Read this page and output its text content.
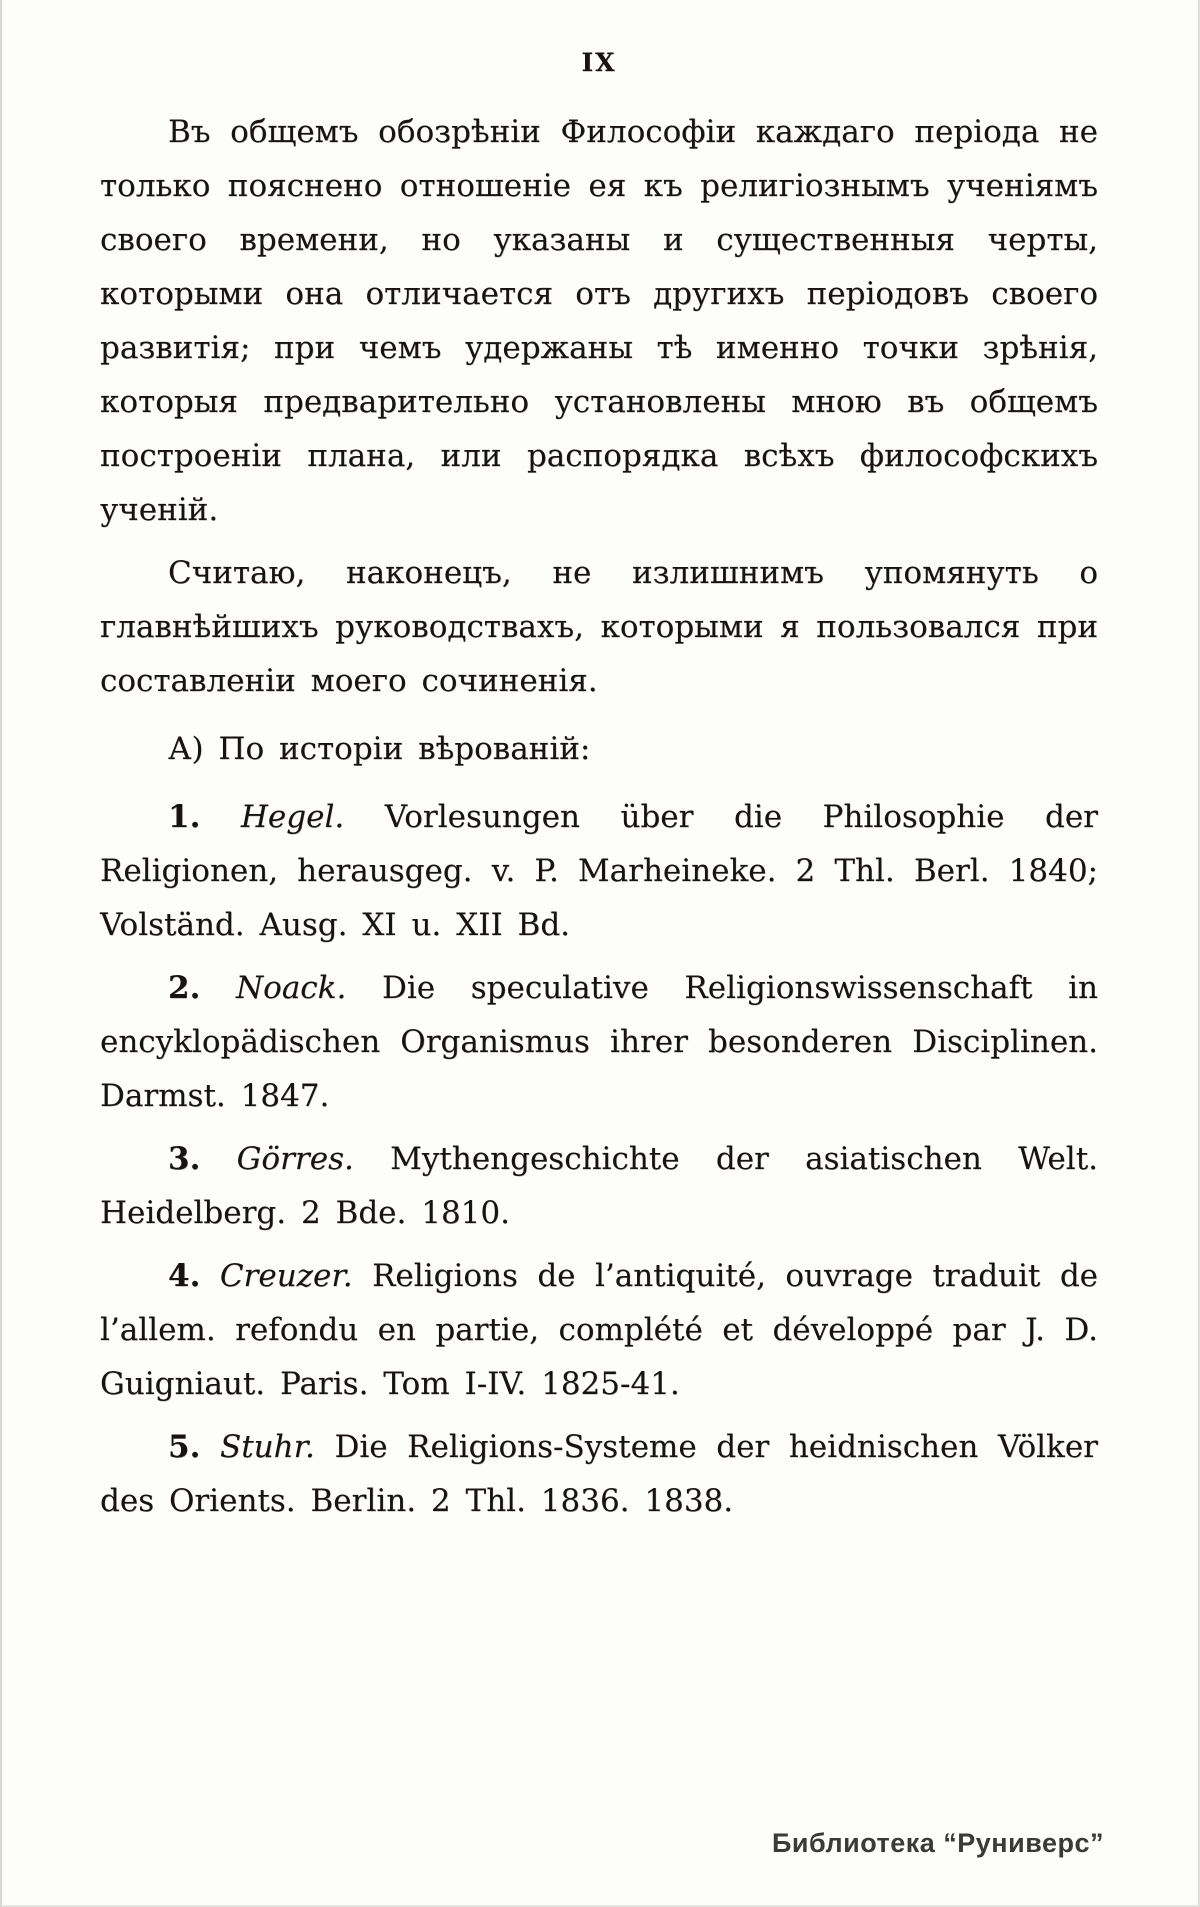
IX

Въ общемъ обозрѣніи Философіи каждаго періода не только пояснено отношеніе ея къ религіознымъ ученіямъ своего времени, но указаны и существенныя черты, которыми она отличается отъ другихъ періодовъ своего развитія; при чемъ удержаны тѣ именно точки зрѣнія, которыя предварительно установлены мною въ общемъ построеніи плана, или распорядка всѣхъ философскихъ ученій.

Считаю, наконецъ, не излишнимъ упомянуть о главнѣйшихъ руководствахъ, которыми я пользовался при составленіи моего сочиненія.

А) По исторіи вѣрованій:

1. Hegel. Vorlesungen über die Philosophie der Religionen, herausgeg. v. P. Marheineke. 2 Thl. Berl. 1840; Volständ. Ausg. XI u. XII Bd.

2. Noack. Die speculative Religionswissenschaft in encyklopädischen Organismus ihrer besonderen Disciplinen. Darmst. 1847.

3. Görres. Mythengeschichte der asiatischen Welt. Heidelberg. 2 Bde. 1810.

4. Creuzer. Religions de l’antiquité, ouvrage traduit de l’allem. refondu en partie, complété et développé par J. D. Guigniaut. Paris. Tom I-IV. 1825-41.

5. Stuhr. Die Religions-Systeme der heidnischen Völker des Orients. Berlin. 2 Thl. 1836. 1838.

Библиотека “Руниверс”
